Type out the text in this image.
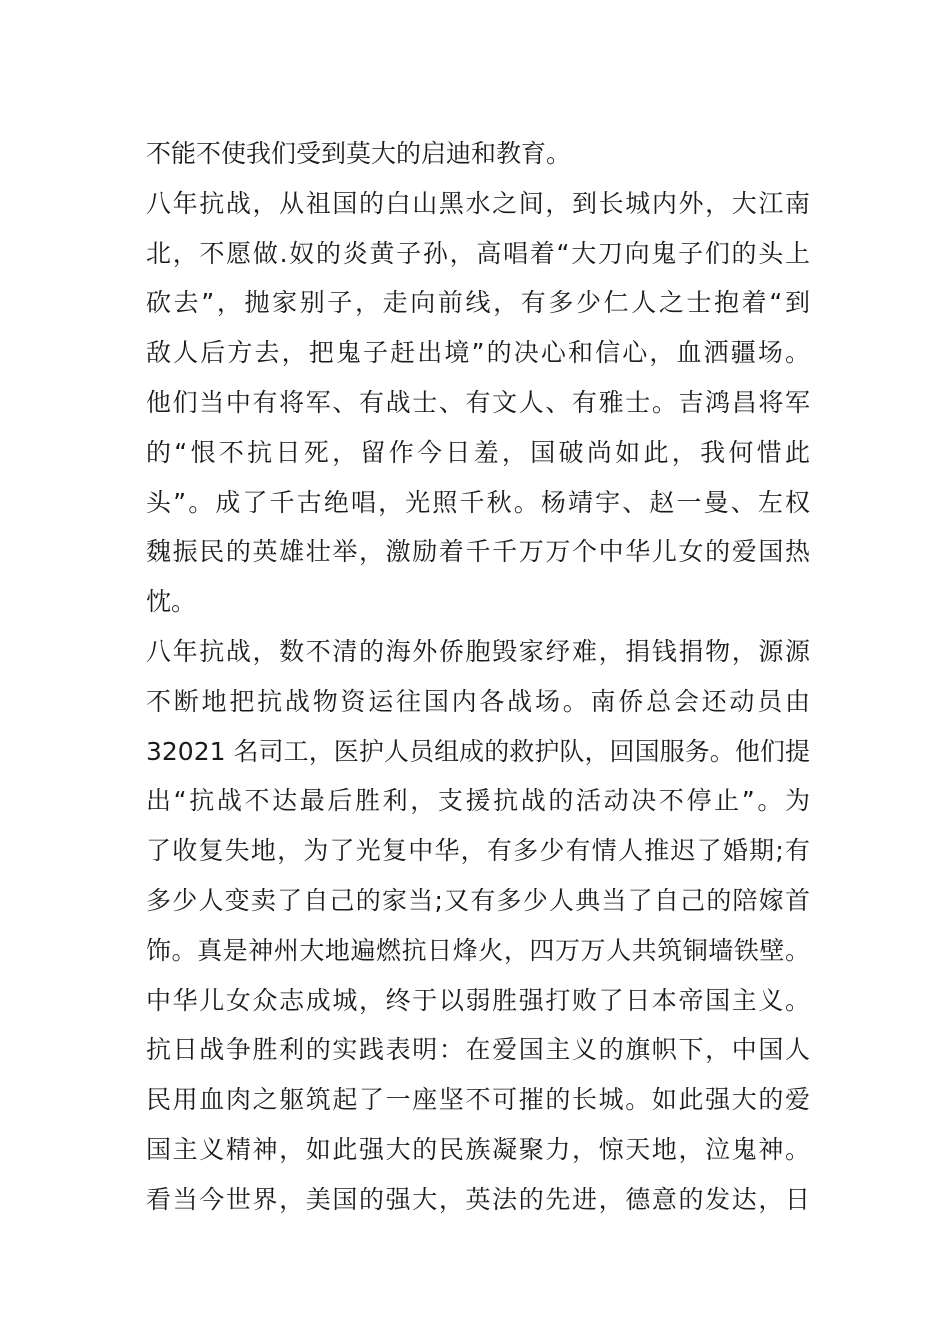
不能不使我们受到莫大的启迪和教育。
八年抗战，从祖国的白山黑水之间，到长城内外，大江南
北，不愿做.奴的炎黄子孙，高唱着“大刀向鬼子们的头上
砍去”，抛家别子，走向前线，有多少仁人之士抱着“到
敌人后方去，把鬼子赶出境”的决心和信心，血洒疆场。
他们当中有将军、有战士、有文人、有雅士。吉鸿昌将军
的“恨不抗日死，留作今日羞，国破尚如此，我何惜此
头”。成了千古绝唱，光照千秋。杨靖宇、赵一曼、左权
魏振民的英雄壮举，激励着千千万万个中华儿女的爱国热
忱。
八年抗战，数不清的海外侨胞毁家纾难，捐钱捐物，源源
不断地把抗战物资运往国内各战场。南侨总会还动员由
32021 名司工，医护人员组成的救护队，回国服务。他们提
出“抗战不达最后胜利，支援抗战的活动决不停止”。为
了收复失地，为了光复中华，有多少有情人推迟了婚期;有
多少人变卖了自己的家当;又有多少人典当了自己的陪嫁首
饰。真是神州大地遍燃抗日烽火，四万万人共筑铜墙铁壁。
中华儿女众志成城，终于以弱胜强打败了日本帝国主义。
抗日战争胜利的实践表明：在爱国主义的旗帜下，中国人
民用血肉之躯筑起了一座坚不可摧的长城。如此强大的爱
国主义精神，如此强大的民族凝聚力，惊天地，泣鬼神。
看当今世界，美国的强大，英法的先进，德意的发达，日
